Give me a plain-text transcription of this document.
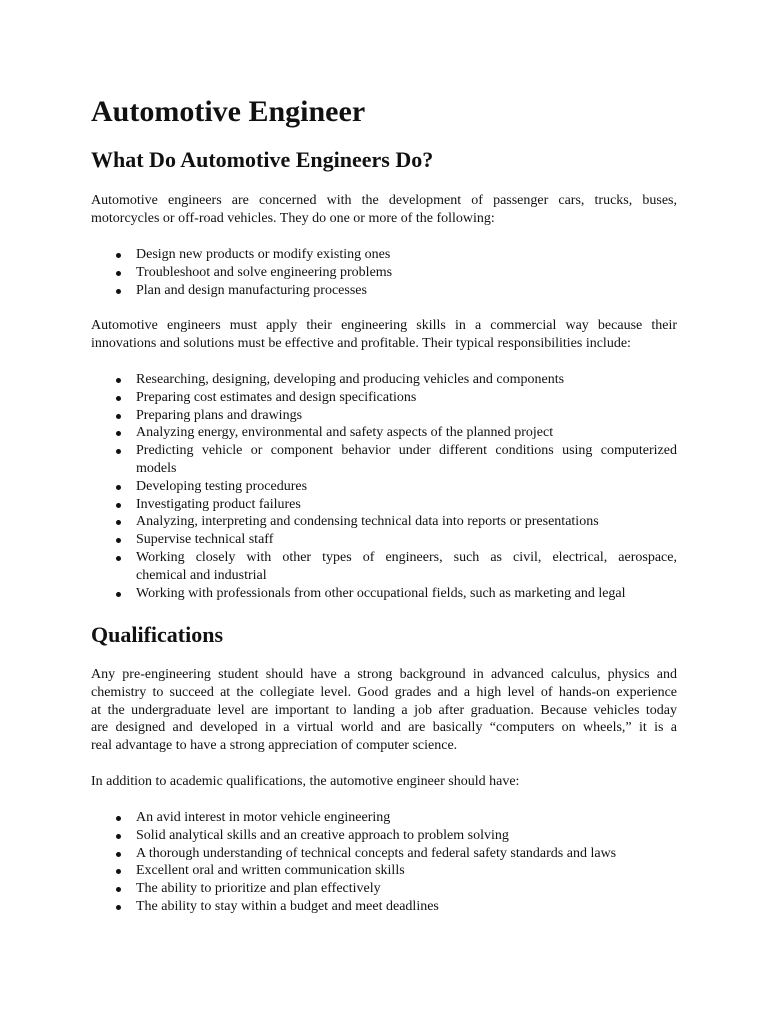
Automotive Engineer
What Do Automotive Engineers Do?
Automotive engineers are concerned with the development of passenger cars, trucks, buses,
motorcycles or off-road vehicles. They do one or more of the following:
Design new products or modify existing ones
Troubleshoot and solve engineering problems
Plan and design manufacturing processes
Automotive engineers must apply their engineering skills in a commercial way because their
innovations and solutions must be effective and profitable. Their typical responsibilities include:
Researching, designing, developing and producing vehicles and components
Preparing cost estimates and design specifications
Preparing plans and drawings
Analyzing energy, environmental and safety aspects of the planned project
Predicting vehicle or component behavior under different conditions using computerized
models
Developing testing procedures
Investigating product failures
Analyzing, interpreting and condensing technical data into reports or presentations
Supervise technical staff
Working closely with other types of engineers, such as civil, electrical, aerospace,
chemical and industrial
Working with professionals from other occupational fields, such as marketing and legal
Qualifications
Any pre-engineering student should have a strong background in advanced calculus, physics and
chemistry to succeed at the collegiate level. Good grades and a high level of hands-on experience
at the undergraduate level are important to landing a job after graduation. Because vehicles today
are designed and developed in a virtual world and are basically “computers on wheels,” it is a
real advantage to have a strong appreciation of computer science.
In addition to academic qualifications, the automotive engineer should have:
An avid interest in motor vehicle engineering
Solid analytical skills and an creative approach to problem solving
A thorough understanding of technical concepts and federal safety standards and laws
Excellent oral and written communication skills
The ability to prioritize and plan effectively
The ability to stay within a budget and meet deadlines
